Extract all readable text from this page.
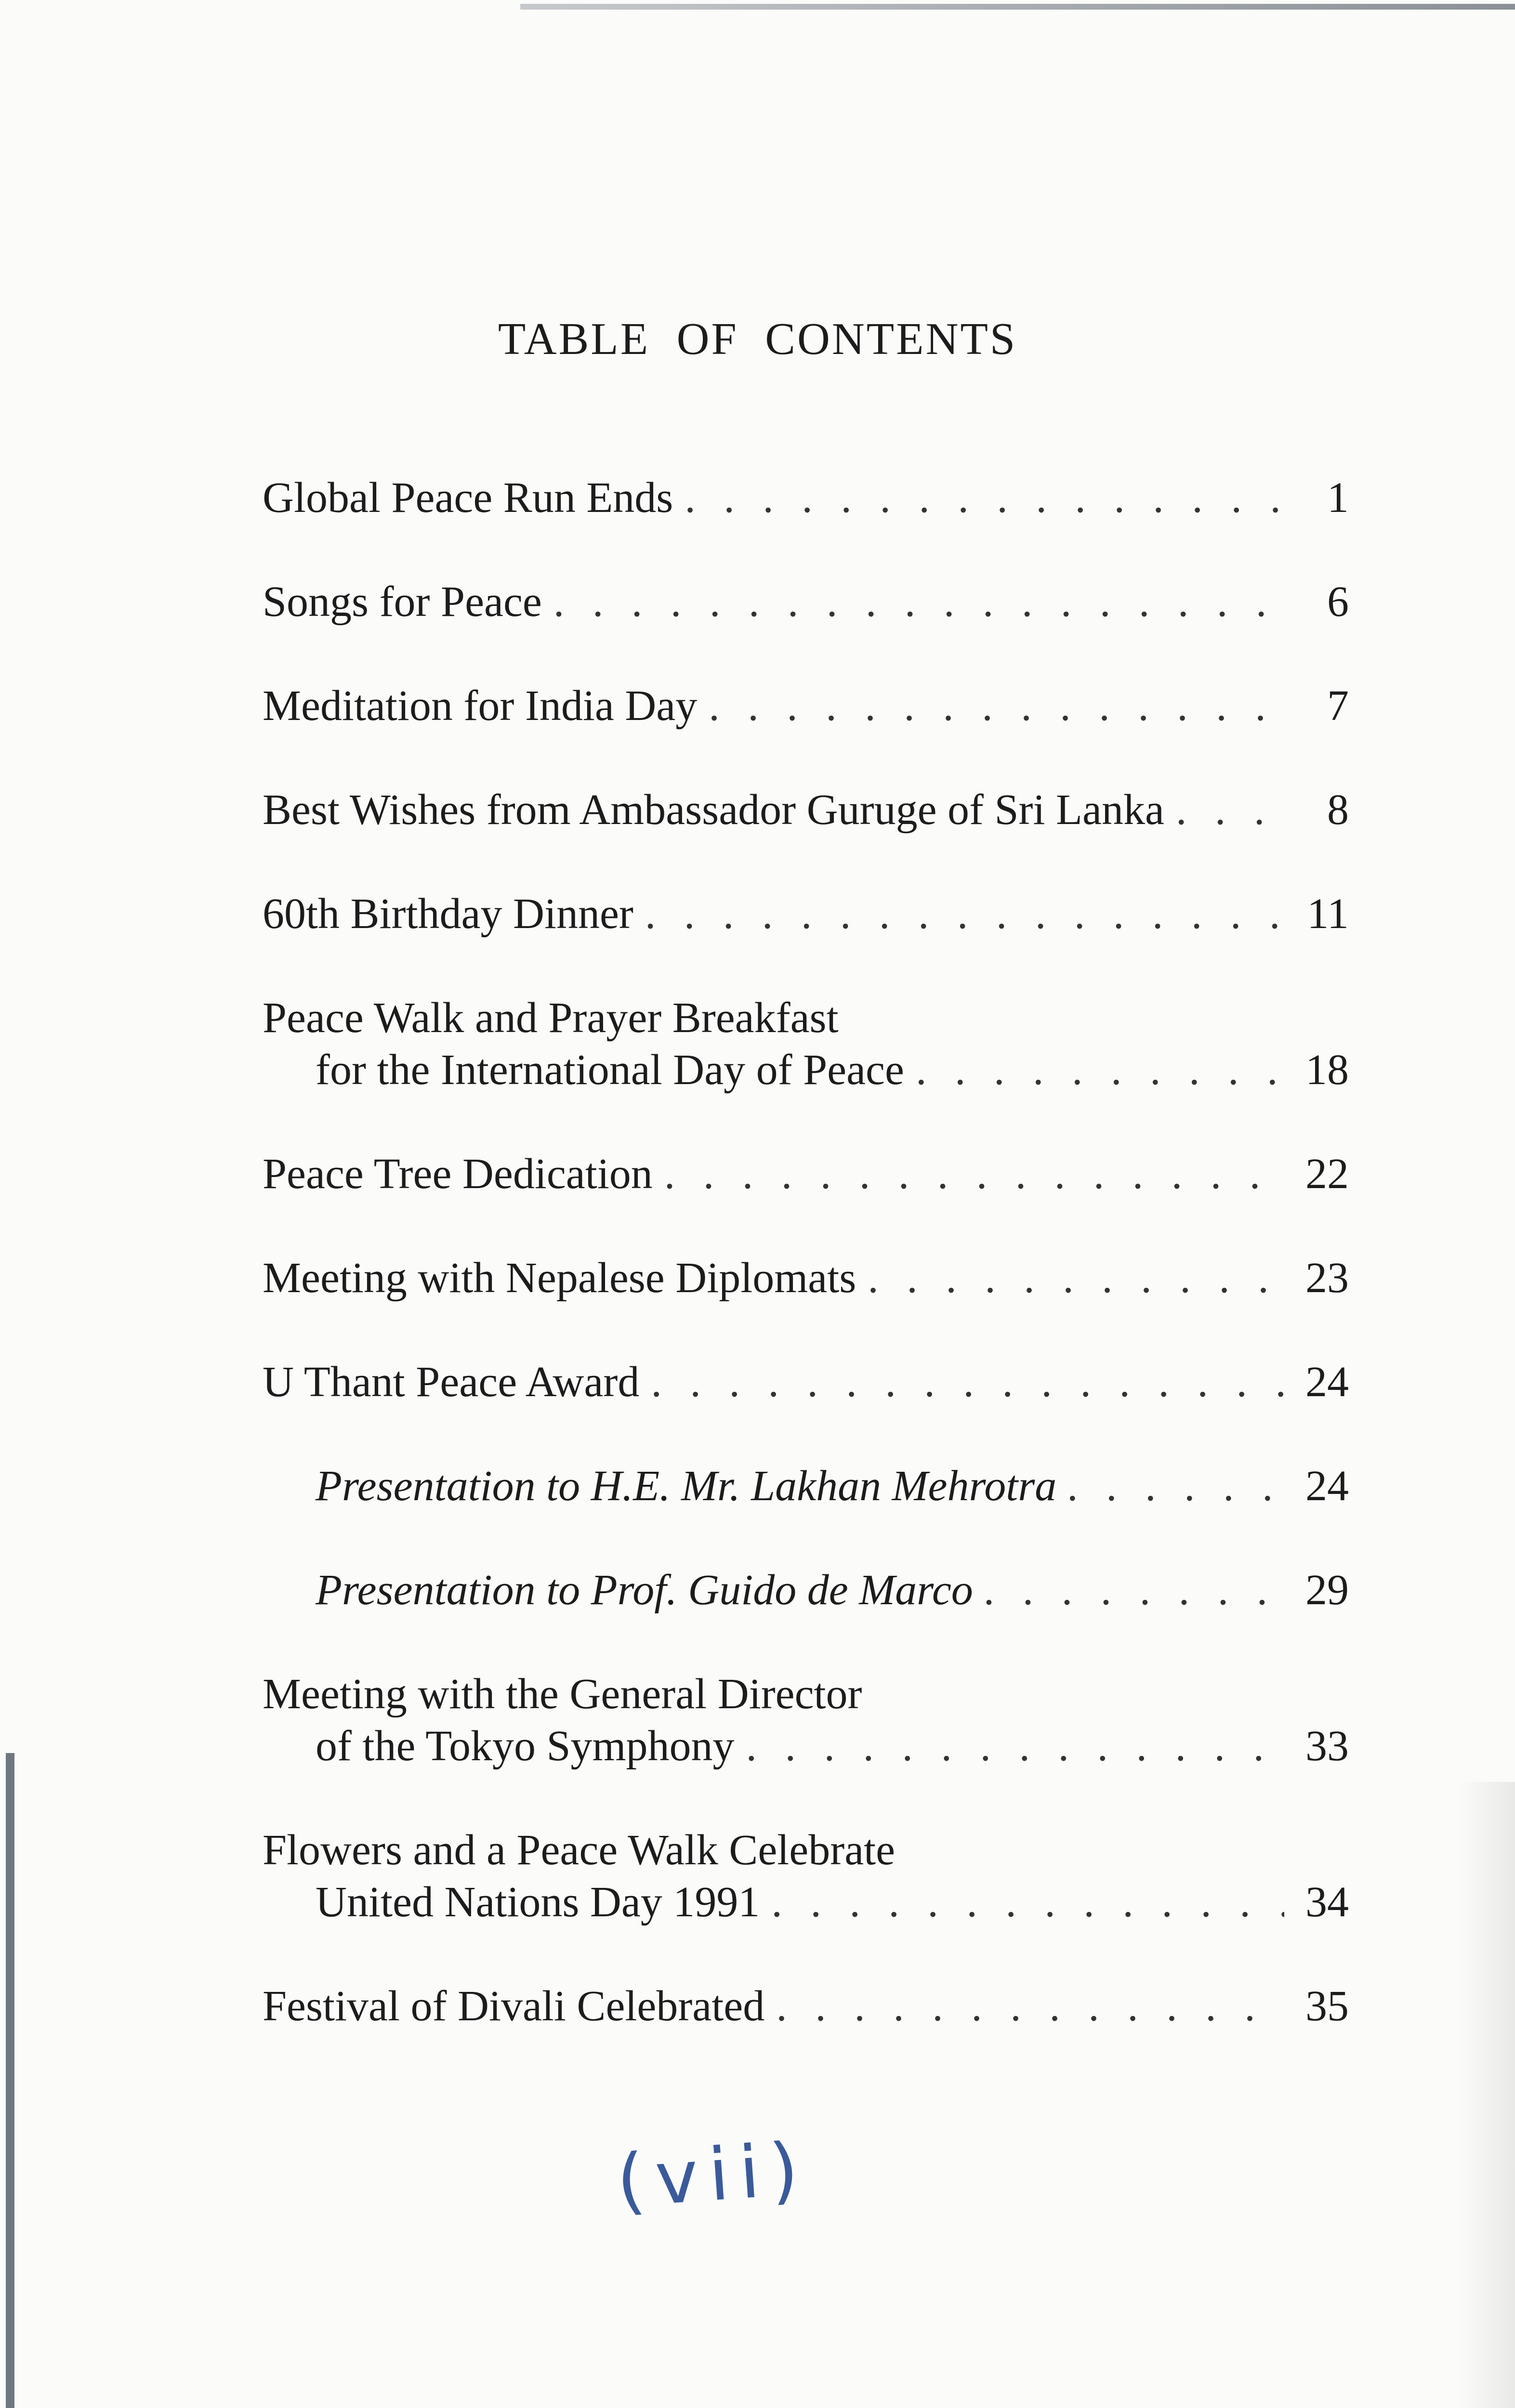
TABLE OF CONTENTS
Global Peace Run Ends . . .	1
Songs for Peace . . .	6
Meditation for India Day . . .	7
Best Wishes from Ambassador Guruge of Sri Lanka . . .	8
60th Birthday Dinner . . .	11
Peace Walk and Prayer Breakfast
for the International Day of Peace . . .	18
Peace Tree Dedication . . .	22
Meeting with Nepalese Diplomats . . .	23
U Thant Peace Award . . .	24
Presentation to H.E. Mr. Lakhan Mehrotra . . .	24
Presentation to Prof. Guido de Marco . . .	29
Meeting with the General Director
of the Tokyo Symphony . . .	33
Flowers and a Peace Walk Celebrate
United Nations Day 1991 . . .	34
Festival of Divali Celebrated . . .	35
(vii)
